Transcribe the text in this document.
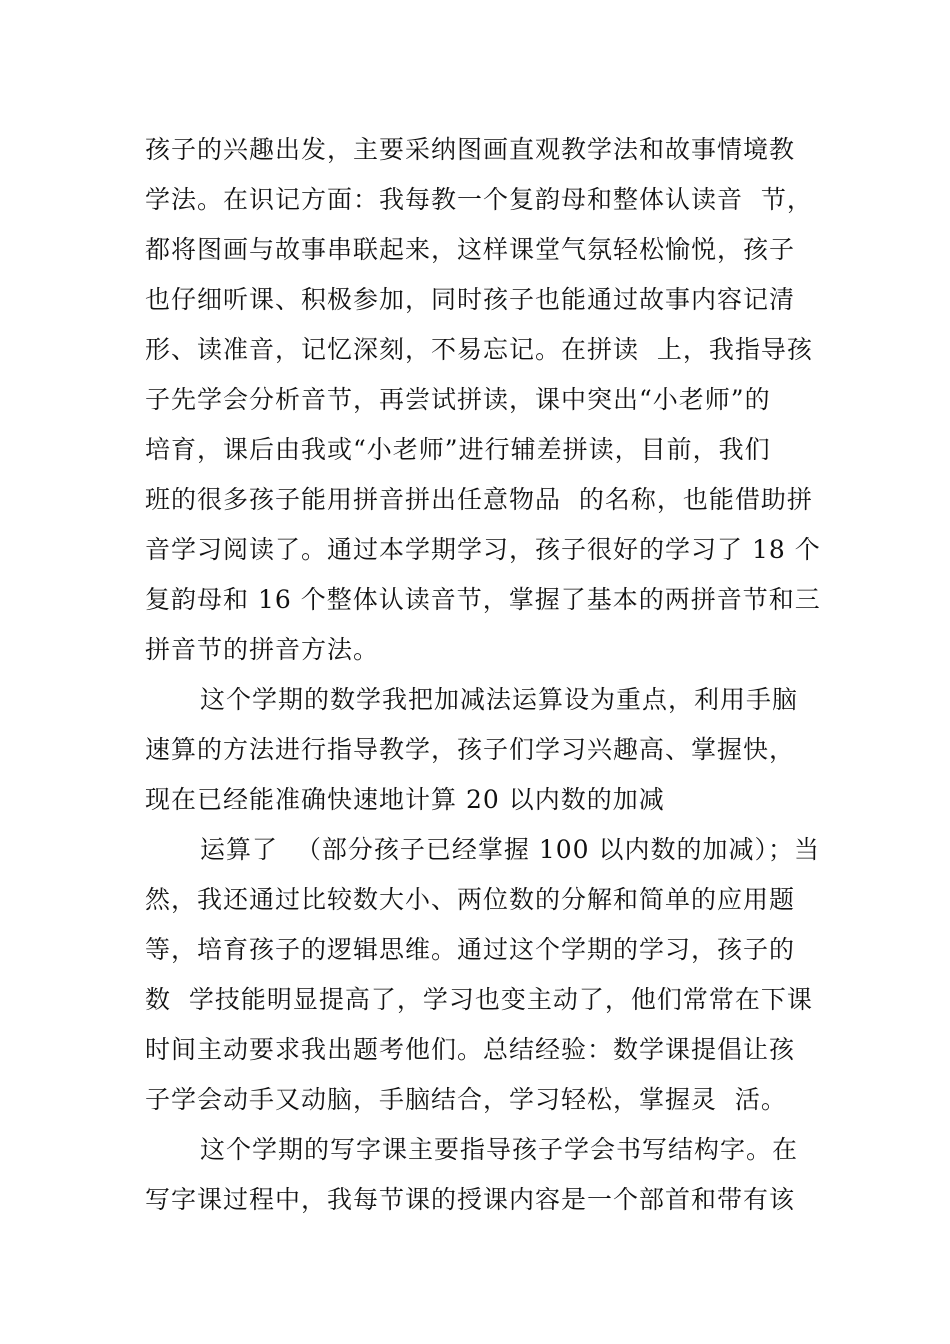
孩子的兴趣出发，主要采纳图画直观教学法和故事情境教
学法。在识记方面：我每教一个复韵母和整体认读音  节，
都将图画与故事串联起来，这样课堂气氛轻松愉悦，孩子
也仔细听课、积极参加，同时孩子也能通过故事内容记清
形、读准音，记忆深刻，不易忘记。在拼读  上，我指导孩
子先学会分析音节，再尝试拼读，课中突出“小老师”的
培育，课后由我或“小老师”进行辅差拼读，目前，我们
班的很多孩子能用拼音拼出任意物品  的名称，也能借助拼
音学习阅读了。通过本学期学习，孩子很好的学习了 18 个
复韵母和 16 个整体认读音节，掌握了基本的两拼音节和三
拼音节的拼音方法。
这个学期的数学我把加减法运算设为重点，利用手脑
速算的方法进行指导教学，孩子们学习兴趣高、掌握快，
现在已经能准确快速地计算 20 以内数的加减
运算了  （部分孩子已经掌握 100 以内数的加减）；当
然，我还通过比较数大小、两位数的分解和简单的应用题
等，培育孩子的逻辑思维。通过这个学期的学习，孩子的
数  学技能明显提高了，学习也变主动了，他们常常在下课
时间主动要求我出题考他们。总结经验：数学课提倡让孩
子学会动手又动脑，手脑结合，学习轻松，掌握灵  活。
这个学期的写字课主要指导孩子学会书写结构字。在
写字课过程中，我每节课的授课内容是一个部首和带有该
